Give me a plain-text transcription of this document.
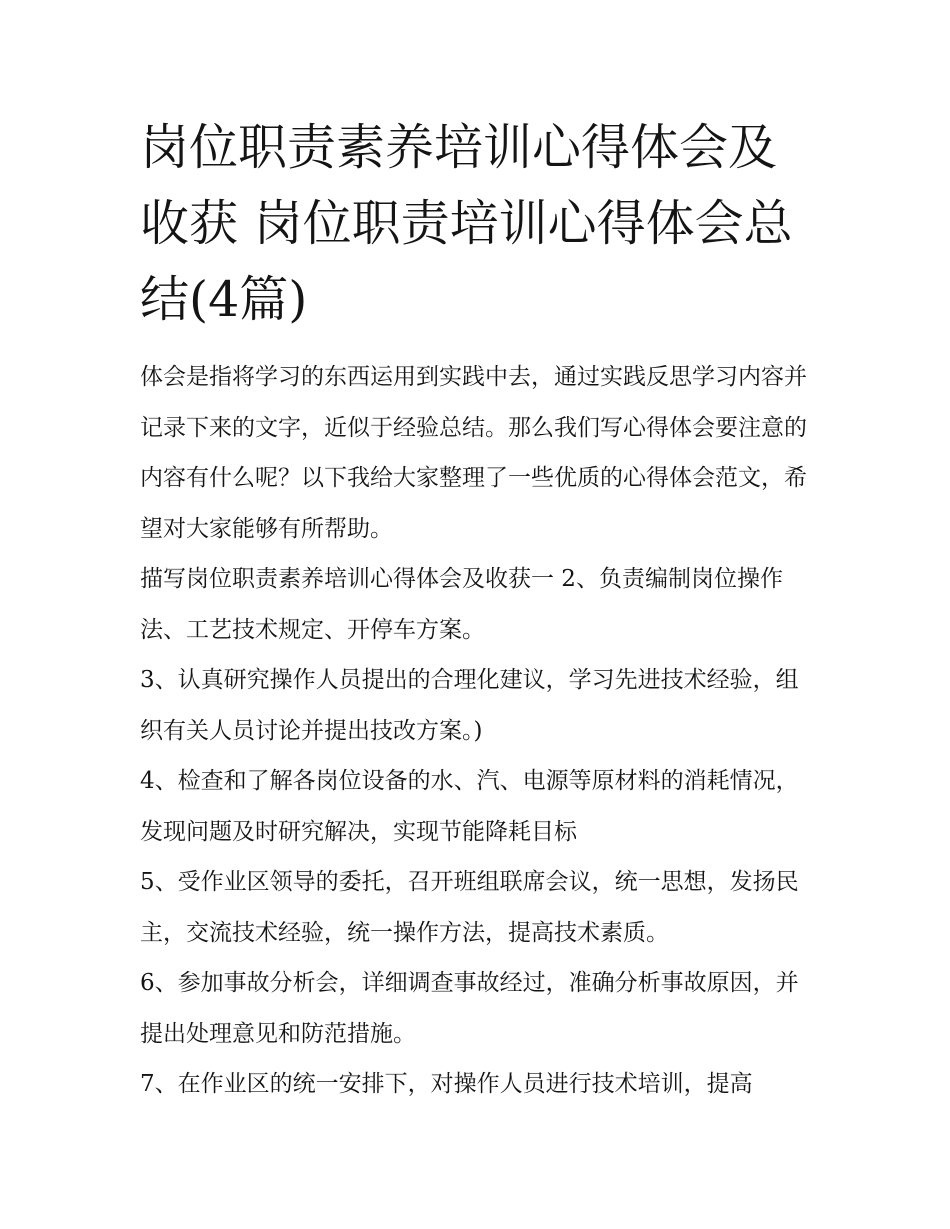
岗位职责素养培训心得体会及收获 岗位职责培训心得体会总结(4篇)

体会是指将学习的东西运用到实践中去，通过实践反思学习内容并记录下来的文字，近似于经验总结。那么我们写心得体会要注意的内容有什么呢？以下我给大家整理了一些优质的心得体会范文，希望对大家能够有所帮助。

描写岗位职责素养培训心得体会及收获一 2、负责编制岗位操作法、工艺技术规定、开停车方案。

3、认真研究操作人员提出的合理化建议，学习先进技术经验，组织有关人员讨论并提出技改方案。)

4、检查和了解各岗位设备的水、汽、电源等原材料的消耗情况，发现问题及时研究解决，实现节能降耗目标

5、受作业区领导的委托，召开班组联席会议，统一思想，发扬民主，交流技术经验，统一操作方法，提高技术素质。

6、参加事故分析会，详细调查事故经过，准确分析事故原因，并提出处理意见和防范措施。

7、在作业区的统一安排下，对操作人员进行技术培训，提高
